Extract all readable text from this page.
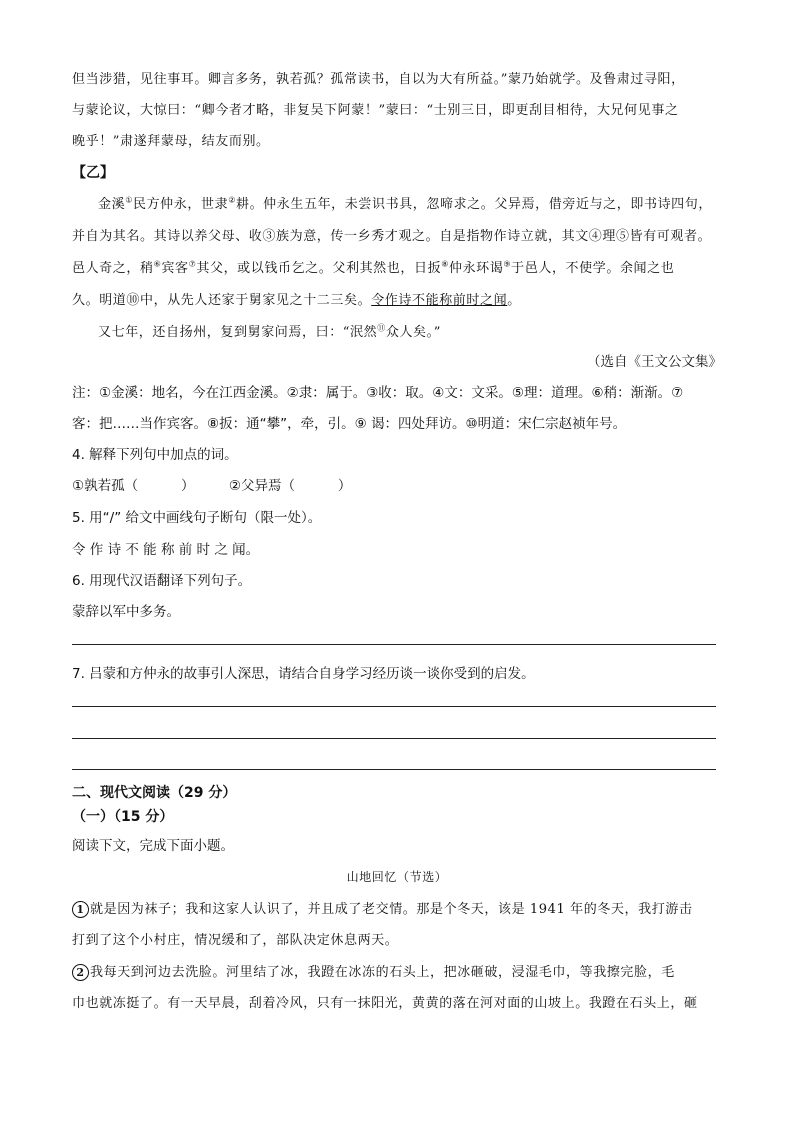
但当涉猎，见往事耳。卿言多务，孰若孤？孤常读书，自以为大有所益。”蒙乃始就学。及鲁肃过寻阳，
与蒙论议，大惊曰：“卿今者才略，非复吴下阿蒙！”蒙曰：“士别三日，即更刮目相待，大兄何见事之
晚乎！”肃遂拜蒙母，结友而别。
【乙】
金溪①民方仲永，世隶②耕。仲永生五年，未尝识书具，忽啼求之。父异焉，借旁近与之，即书诗四句，
并自为其名。其诗以养父母、收③族为意，传一乡秀才观之。自是指物作诗立就，其文④理⑤皆有可观者。
邑人奇之，稍⑥宾客⑦其父，或以钱币乞之。父利其然也，日扳⑧仲永环谒⑨于邑人，不使学。余闻之也
久。明道⑩中，从先人还家于舅家见之十二三矣。令作诗不能称前时之闻。
又七年，还自扬州，复到舅家问焉，曰：“泯然⑪众人矣。”
（选自《王文公文集》
注：①金溪：地名，今在江西金溪。②隶：属于。③收：取。④文：文采。⑤理：道理。⑥稍：渐渐。⑦
客：把……当作宾客。⑧扳：通“攀”，牵，引。⑨ 谒：四处拜访。⑩明道：宋仁宗赵祯年号。
4. 解释下列句中加点的词。
①孰若孤（          ）        ②父异焉（          ）
5. 用“/” 给文中画线句子断句（限一处）。
令 作 诗 不 能 称 前 时 之 闻。
6. 用现代汉语翻译下列句子。
蒙辞以军中多务。
7. 吕蒙和方仲永的故事引人深思，请结合自身学习经历谈一谈你受到的启发。
二、现代文阅读（29 分）
（一）（15 分）
阅读下文，完成下面小题。
山地回忆（节选）
1 就是因为袜子；我和这家人认识了，并且成了老交情。那是个冬天，该是 1941 年的冬天，我打游击
打到了这个小村庄，情况缓和了，部队决定休息两天。
2 我每天到河边去洗脸。河里结了冰，我蹬在冰冻的石头上，把冰砸破，浸湿毛巾，等我擦完脸，毛
巾也就冻挺了。有一天早晨，刮着冷风，只有一抹阳光，黄黄的落在河对面的山坡上。我蹬在石头上，砸
